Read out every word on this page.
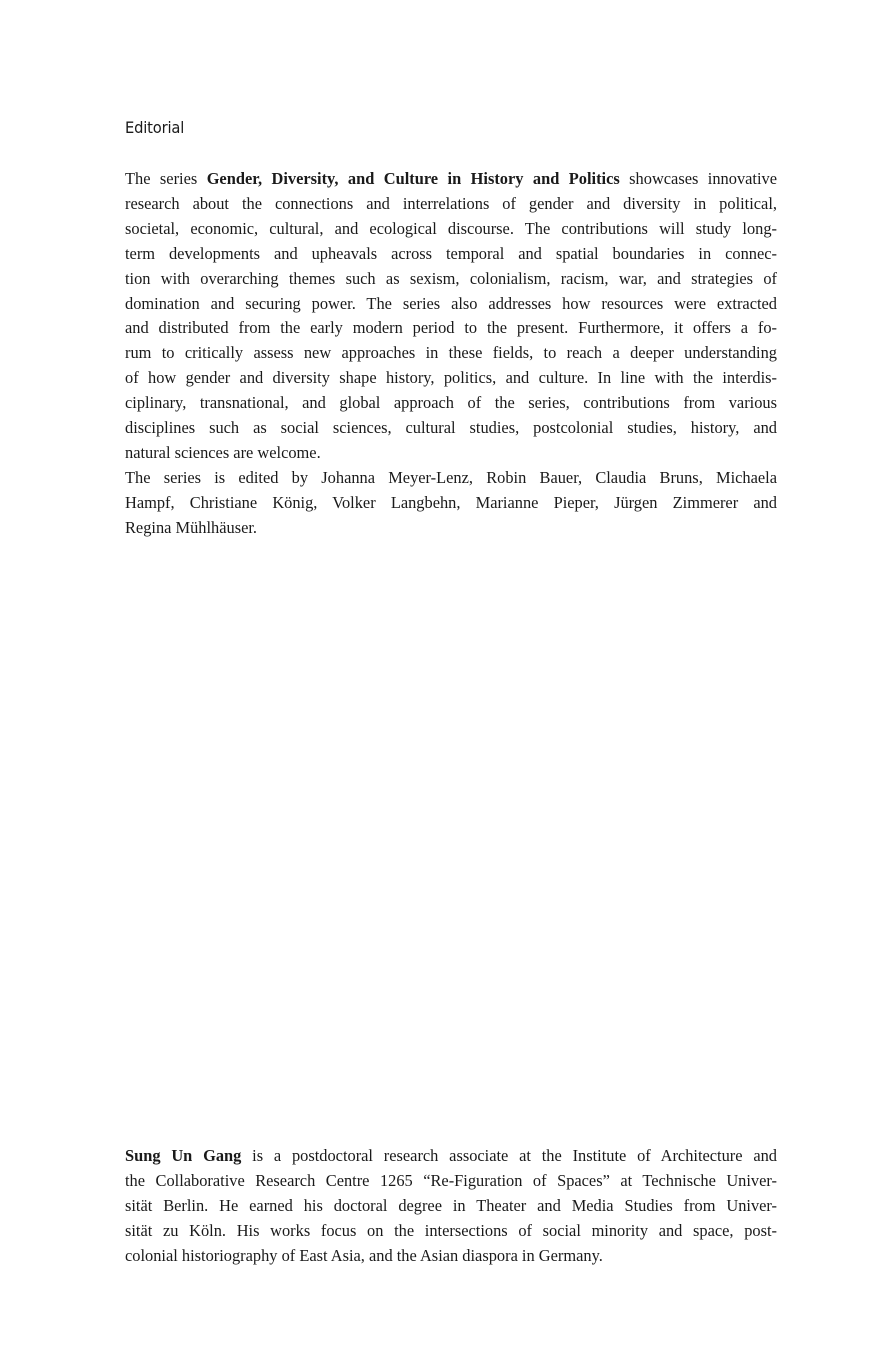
Editorial
The series Gender, Diversity, and Culture in History and Politics showcases innovative
research about the connections and interrelations of gender and diversity in political,
societal, economic, cultural, and ecological discourse. The contributions will study long-
term developments and upheavals across temporal and spatial boundaries in connec-
tion with overarching themes such as sexism, colonialism, racism, war, and strategies of
domination and securing power. The series also addresses how resources were extracted
and distributed from the early modern period to the present. Furthermore, it offers a fo-
rum to critically assess new approaches in these fields, to reach a deeper understanding
of how gender and diversity shape history, politics, and culture. In line with the interdis-
ciplinary, transnational, and global approach of the series, contributions from various
disciplines such as social sciences, cultural studies, postcolonial studies, history, and
natural sciences are welcome.
The series is edited by Johanna Meyer-Lenz, Robin Bauer, Claudia Bruns, Michaela
Hampf, Christiane König, Volker Langbehn, Marianne Pieper, Jürgen Zimmerer and
Regina Mühlhäuser.
Sung Un Gang is a postdoctoral research associate at the Institute of Architecture and
the Collaborative Research Centre 1265 “Re-Figuration of Spaces” at Technische Univer-
sität Berlin. He earned his doctoral degree in Theater and Media Studies from Univer-
sität zu Köln. His works focus on the intersections of social minority and space, post-
colonial historiography of East Asia, and the Asian diaspora in Germany.
